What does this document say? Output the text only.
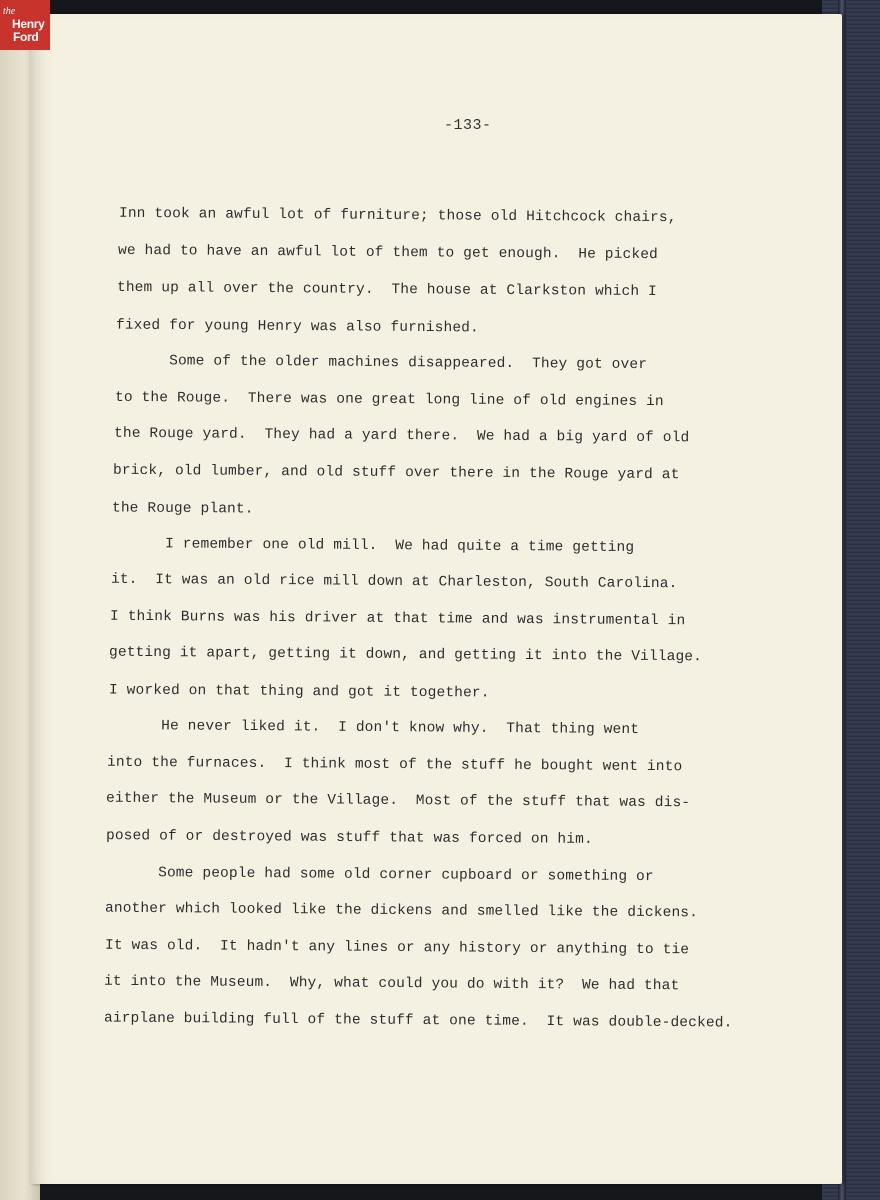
-133-
Inn took an awful lot of furniture; those old Hitchcock chairs,
we had to have an awful lot of them to get enough.  He picked
them up all over the country.  The house at Clarkston which I
fixed for young Henry was also furnished.
Some of the older machines disappeared.  They got over
to the Rouge.  There was one great long line of old engines in
the Rouge yard.  They had a yard there.  We had a big yard of old
brick, old lumber, and old stuff over there in the Rouge yard at
the Rouge plant.
I remember one old mill.  We had quite a time getting
it.  It was an old rice mill down at Charleston, South Carolina.
I think Burns was his driver at that time and was instrumental in
getting it apart, getting it down, and getting it into the Village.
I worked on that thing and got it together.
He never liked it.  I don't know why.  That thing went
into the furnaces.  I think most of the stuff he bought went into
either the Museum or the Village.  Most of the stuff that was dis-
posed of or destroyed was stuff that was forced on him.
Some people had some old corner cupboard or something or
another which looked like the dickens and smelled like the dickens.
It was old.  It hadn't any lines or any history or anything to tie
it into the Museum.  Why, what could you do with it?  We had that
airplane building full of the stuff at one time.  It was double-decked.
the
Henry
Ford
